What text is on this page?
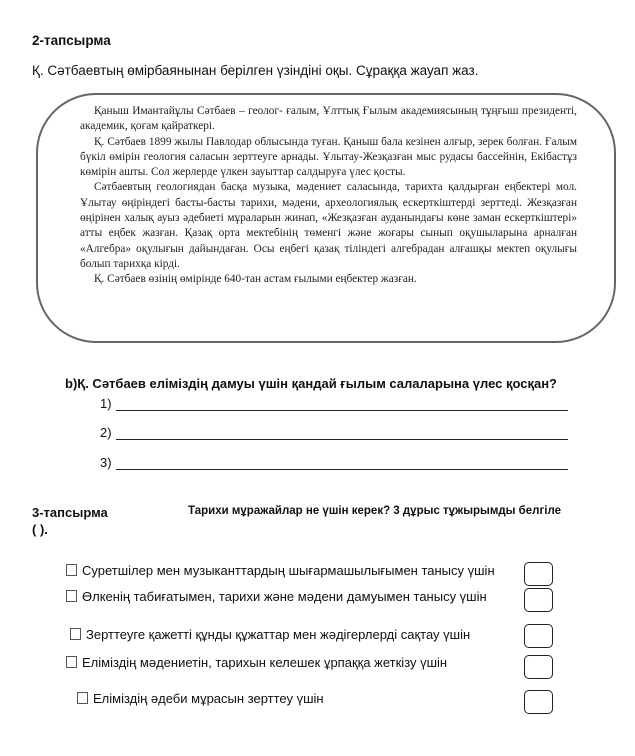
2-тапсырма
Қ. Сәтбаевтың өмірбаянынан берілген үзіндіні оқы. Сұраққа жауап жаз.

Қаныш Имантайұлы Сәтбаев – геолог- ғалым, Ұлттық Ғылым академиясының тұңғыш президенті, академик, қоғам қайраткері.

Қ. Сәтбаев 1899 жылы Павлодар облысында туған. Қаныш бала кезінен алғыр, зерек болған. Ғалым бүкіл өмірін геология саласын зерттеуге арнады. Ұлытау-Жезқазған мыс рудасы бассейнін, Екібастұз көмірін ашты. Сол жерлерде үлкен зауыттар салдыруға үлес қосты.

Сәтбаевтың геологиядан басқа музыка, мәдениет саласында, тарихта қалдырған еңбектері мол. Ұлытау өңіріндегі басты-басты тарихи, мәдени, археологиялық ескерткіштерді зерттеді. Жезқазған өңірінен халық ауыз әдебиеті мұраларын жинап, «Жезқазған ауданындағы көне заман ескерткіштері» атты еңбек жазған. Қазақ орта мектебінің төменгі және жоғары сынып оқушыларына арналған «Алгебра» оқулығын дайындаған. Осы еңбегі қазақ тіліндегі алгебрадан алғашқы мектеп оқулығы болып тарихқа кірді.

Қ. Сәтбаев өзінің өмірінде 640-тан астам ғылыми еңбектер жазған.

b)Қ. Сәтбаев еліміздің дамуы үшін қандай ғылым салаларына үлес қосқан?
1)
2)
3)
3-тапсырма
( ).
Тарихи мұражайлар не үшін керек? 3 дұрыс тұжырымды белгіле
Суретшілер мен музыканттардың шығармашылығымен танысу үшін
Өлкенің табиғатымен, тарихи және мәдени дамуымен танысу үшін
Зерттеуге қажетті құнды құжаттар мен жәдігерлерді сақтау үшін
Еліміздің мәдениетін, тарихын келешек ұрпаққа жеткізу үшін
Еліміздің әдеби мұрасын зерттеу үшін
